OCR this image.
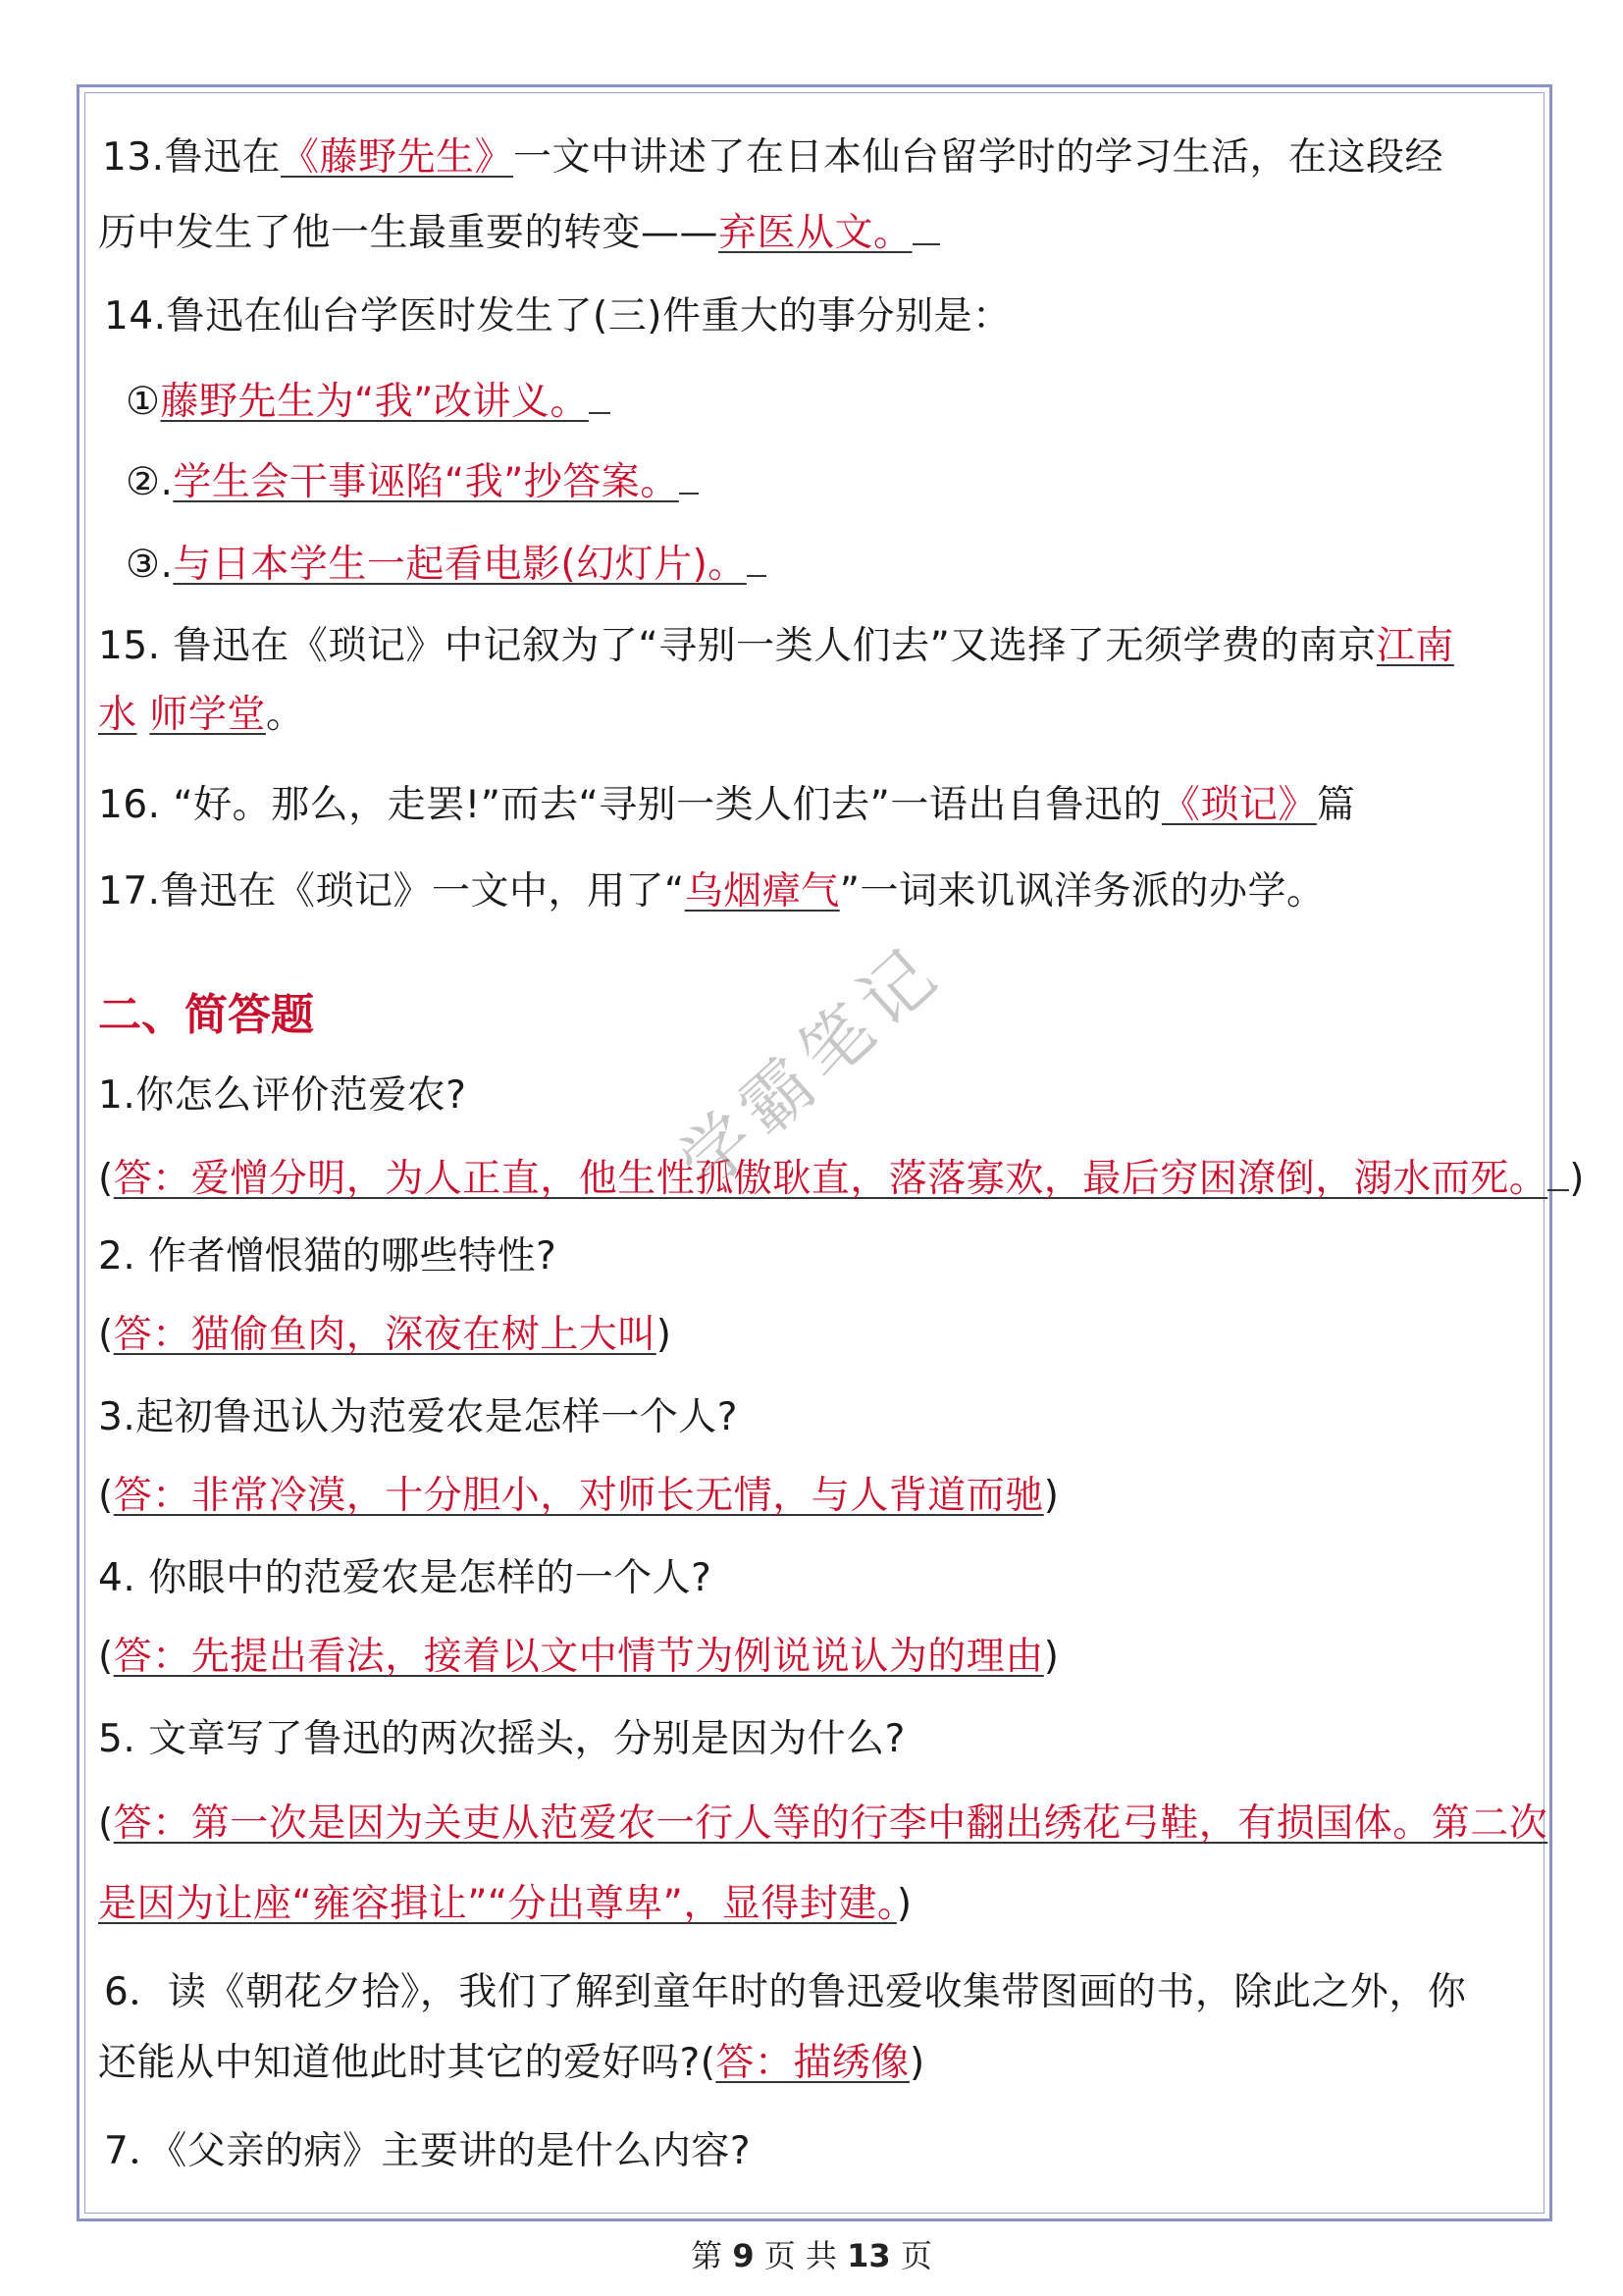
13.鲁迅在《藤野先生》一文中讲述了在日本仙台留学时的学习生活，在这段经
历中发生了他一生最重要的转变——弃医从文。
14.鲁迅在仙台学医时发生了(三)件重大的事分别是：
①藤野先生为“我”改讲义。
②.学生会干事诬陷“我”抄答案。
③.与日本学生一起看电影(幻灯片)。
15. 鲁迅在《琐记》中记叙为了“寻别一类人们去”又选择了无须学费的南京江南
水 师学堂。
16. “好。那么，走罢!”而去“寻别一类人们去”一语出自鲁迅的《琐记》篇
17.鲁迅在《琐记》一文中，用了“乌烟瘴气”一词来讥讽洋务派的办学。
二、简答题
1.你怎么评价范爱农?
(答：爱憎分明，为人正直，他生性孤傲耿直，落落寡欢，最后穷困潦倒，溺水而死。 )
2. 作者憎恨猫的哪些特性?
(答：猫偷鱼肉，深夜在树上大叫)
3.起初鲁迅认为范爱农是怎样一个人?
(答：非常冷漠，十分胆小，对师长无情，与人背道而驰)
4. 你眼中的范爱农是怎样的一个人?
(答：先提出看法，接着以文中情节为例说说认为的理由)
5. 文章写了鲁迅的两次摇头，分别是因为什么?
(答：第一次是因为关吏从范爱农一行人等的行李中翻出绣花弓鞋，有损国体。第二次
是因为让座“雍容揖让”“分出尊卑”，显得封建。)
6．读《朝花夕拾》，我们了解到童年时的鲁迅爱收集带图画的书，除此之外，你
还能从中知道他此时其它的爱好吗?(答：描绣像)
7．《父亲的病》主要讲的是什么内容?
学霸笔记
第 9 页 共 13 页
